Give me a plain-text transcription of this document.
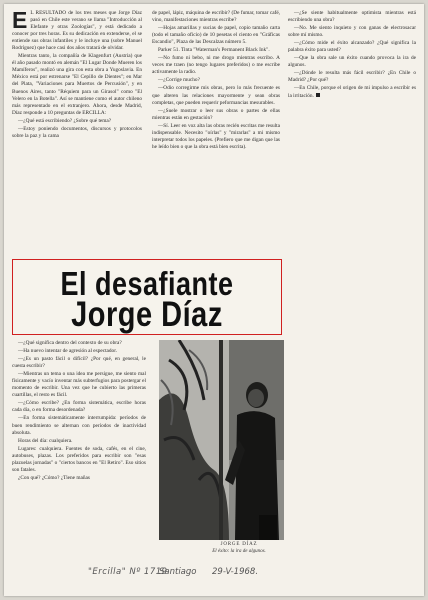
E L RESULTADO de los tres meses que Jorge Díaz pasó en Chile este verano se llama "Introducción al Elefante y otras Zoologías", y está dedicado a conocer por tres horas. Es su dedicación en extenderse, el se entiende sus obras infantiles y le incluye una (sobre Manuel Rodríguez) que hace casi dos años tratará de olvidar.

Mientras tanto, la compañía de Klagenfurt (Austria) que él año pasado montó en alemán "El Lugar Donde Mueren los Mamíferos", realizó una gira con esta obra a Yugoslavia. En México está por estrenarse "El Cepillo de Dientes"; en Mar del Plata, "Variaciones para Muertos de Percusión", y en Buenos Aires, tanto "Réquiem para un Girasol" como "El Velero en la Botella". Así se mantiene como el autor chileno más representado en el extranjero. Ahora, desde Madrid, Díaz responde a 10 preguntas de ERCILLA:

—¿Qué está escribiendo? ¿Sobre qué tema?

—Estoy poniendo documentos, discursos y protocolos sobre la paz y la cama

de papel, lápiz, máquina de escribir? (De fumar, tomar café, vino, manifestaciones mientras escribe?

—Hojas amarillas y sucias de papel, copio tamaño carta (todo el tamaño oficio) de 10 pesetas el ciento en "Gráficas Escandio", Plaza de las Descalzas número 5.

Parker 51. Tinta "Waterman's Permanent Black Ink".

—No fumo ni bebo, ni me drogo mientras escribo. A veces me traen (no tengo lugares preferidos) o me escribe activamente la radio.

—¿Corrige mucho?

—Odio corregirme mis obras, pero lo más frecuente es que alteren las relaciones mayormente y sean obras completas, que pueden requerir peformancias mesurables.

—¿Suele mostrar o leer sus obras o partes de ellas mientras están en gestación?

—Sí. Leer en voz alta las obras recién escritas me resulta indispensable. Necesito "oírlas" y "mirarlas" a mi mismo interpretar todos los papeles. (Prefiero que me digan que las he leído bien o que la obra está bien escrita).

—¿Se siente habitualmente optimista mientras está escribiendo una obra?

—No. Me siento inquieto y con ganas de electrosacar sobre mí mismo.

—¿Cómo mide el éxito alcanzado? ¿Qué significa la palabra éxito para usted?

—Que la obra sale un éxito cuando provoca la ira de algunos.

—¿Dónde le resulta más fácil escribir? ¿En Chile o Madrid? ¿Por qué?

—En Chile, porque el origen de mi impulso a escribir es la irritación.

El desafiante
Jorge Díaz

—¿Qué significa dentro del contexto de su obra?

—Ha nuevo intentar de agresión al espectador.

—¿Es un pasto fácil o difícil? ¿Por qué, en general, le cuesta escribir?

—Mientras un tema o una idea me persigue, me siento mal físicamente y vacío inventar más subterfugios para postergar el momento de escribir. Una vez que he cubierto las primeras cuartillas, el resto es fácil.

—¿Cómo escribe? ¿En forma sistemática, escribe horas cada día, o en forma desordenada?

—En forma sistemáticamente interrumpida: períodos de buen rendimiento se alternan con períodos de inactividad absoluta.

Horas del día: cualquiera.

Lugares: cualquiera. Fuentes de soda, cafés, en el cine, autobuses, plazas. Los preferidos para escribir son "esas plazuelas jornadas" o "ciertos bancos en "El Retiro". Eso sitios son fatales.

¿Con qué? ¿Cómo? ¿Tiene mañas

JORGE DÍAZ
El éxito: la ira de algunos.
"Ercilla" Nº 1719
Santiago 29-V-1968.
